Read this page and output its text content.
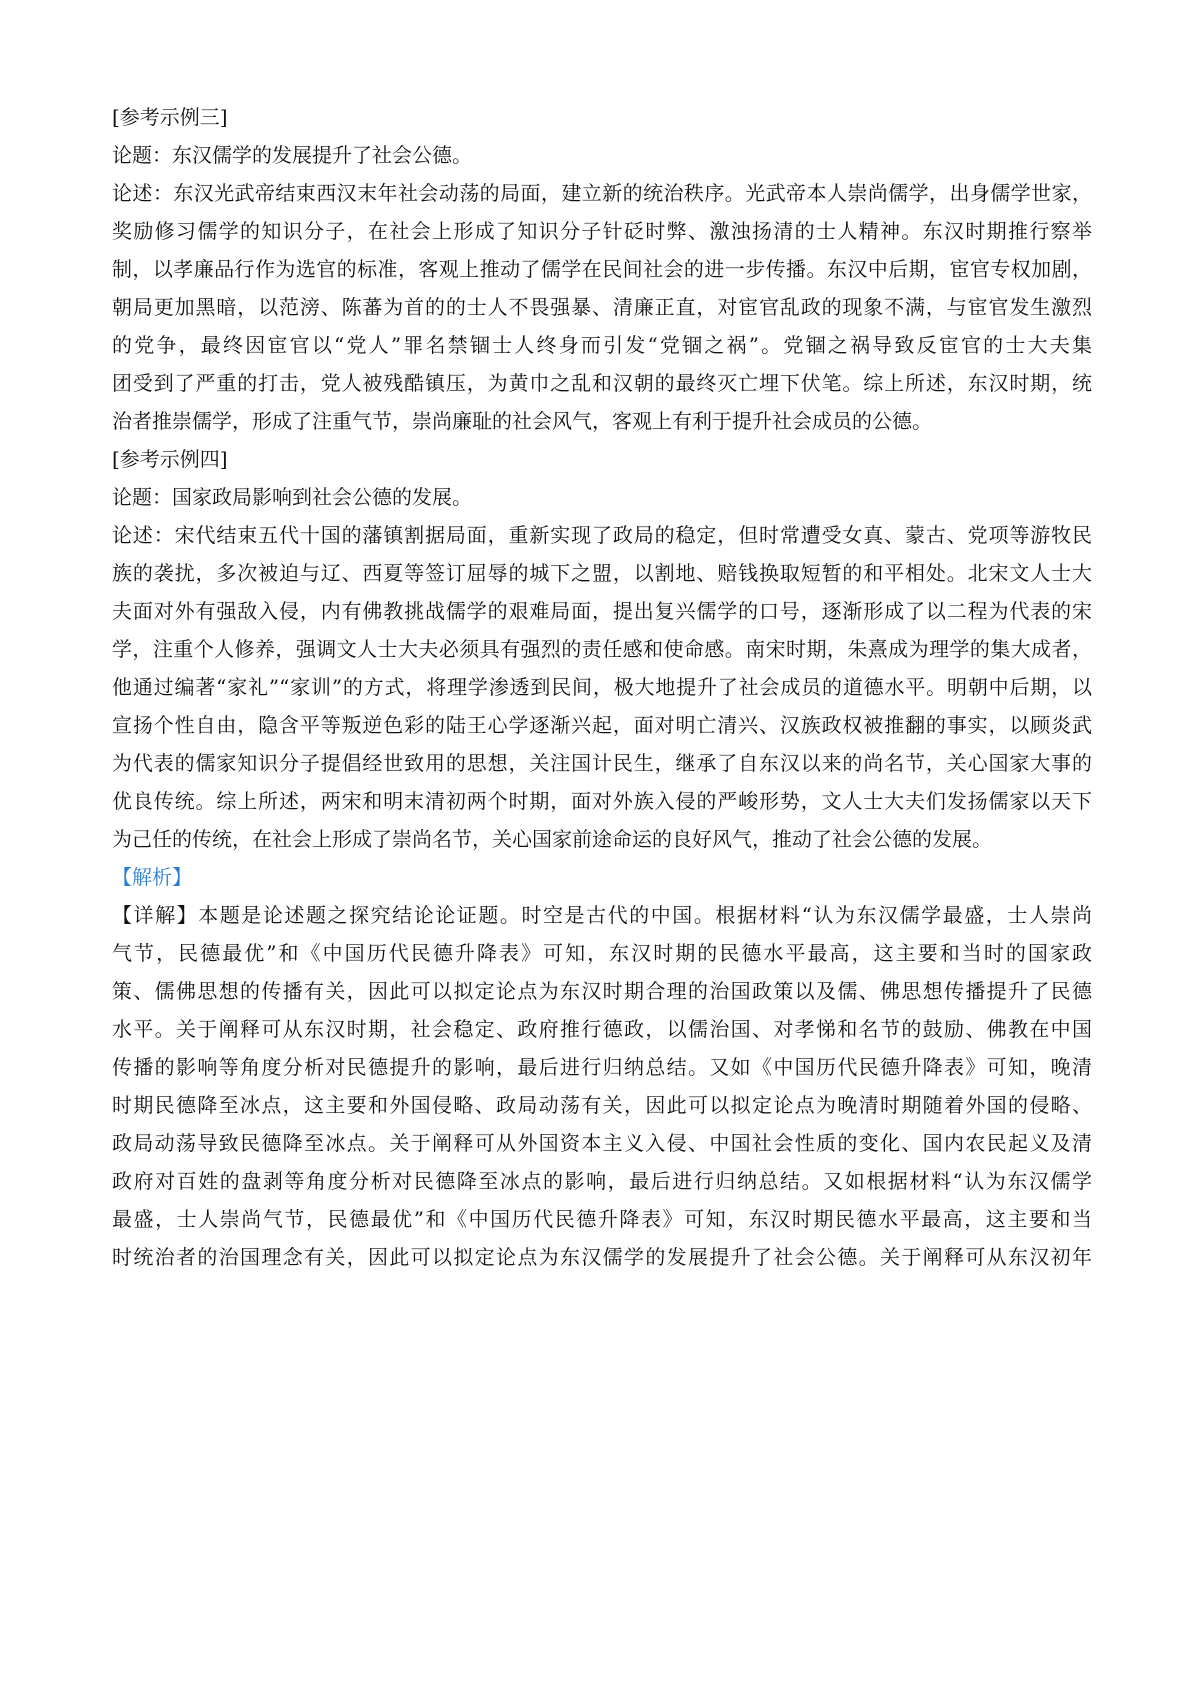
[参考示例三]
论题：东汉儒学的发展提升了社会公德。
论述：东汉光武帝结束西汉末年社会动荡的局面，建立新的统治秩序。光武帝本人崇尚儒学，出身儒学世家，
奖励修习儒学的知识分子，在社会上形成了知识分子针砭时弊、激浊扬清的士人精神。东汉时期推行察举
制，以孝廉品行作为选官的标准，客观上推动了儒学在民间社会的进一步传播。东汉中后期，宦官专权加剧，
朝局更加黑暗，以范滂、陈蕃为首的的士人不畏强暴、清廉正直，对宦官乱政的现象不满，与宦官发生激烈
的党争，最终因宦官以“党人”罪名禁锢士人终身而引发“党锢之祸”。党锢之祸导致反宦官的士大夫集
团受到了严重的打击，党人被残酷镇压，为黄巾之乱和汉朝的最终灭亡埋下伏笔。综上所述，东汉时期，统
治者推崇儒学，形成了注重气节，崇尚廉耻的社会风气，客观上有利于提升社会成员的公德。
[参考示例四]
论题：国家政局影响到社会公德的发展。
论述：宋代结束五代十国的藩镇割据局面，重新实现了政局的稳定，但时常遭受女真、蒙古、党项等游牧民
族的袭扰，多次被迫与辽、西夏等签订屈辱的城下之盟，以割地、赔钱换取短暂的和平相处。北宋文人士大
夫面对外有强敌入侵，内有佛教挑战儒学的艰难局面，提出复兴儒学的口号，逐渐形成了以二程为代表的宋
学，注重个人修养，强调文人士大夫必须具有强烈的责任感和使命感。南宋时期，朱熹成为理学的集大成者，
他通过编著“家礼”“家训”的方式，将理学渗透到民间，极大地提升了社会成员的道德水平。明朝中后期，以
宣扬个性自由，隐含平等叛逆色彩的陆王心学逐渐兴起，面对明亡清兴、汉族政权被推翻的事实，以顾炎武
为代表的儒家知识分子提倡经世致用的思想，关注国计民生，继承了自东汉以来的尚名节，关心国家大事的
优良传统。综上所述，两宋和明末清初两个时期，面对外族入侵的严峻形势，文人士大夫们发扬儒家以天下
为己任的传统，在社会上形成了崇尚名节，关心国家前途命运的良好风气，推动了社会公德的发展。
【解析】
【详解】本题是论述题之探究结论论证题。时空是古代的中国。根据材料“认为东汉儒学最盛，士人崇尚
气节，民德最优”和《中国历代民德升降表》可知，东汉时期的民德水平最高，这主要和当时的国家政
策、儒佛思想的传播有关，因此可以拟定论点为东汉时期合理的治国政策以及儒、佛思想传播提升了民德
水平。关于阐释可从东汉时期，社会稳定、政府推行德政，以儒治国、对孝悌和名节的鼓励、佛教在中国
传播的影响等角度分析对民德提升的影响，最后进行归纳总结。又如《中国历代民德升降表》可知，晚清
时期民德降至冰点，这主要和外国侵略、政局动荡有关，因此可以拟定论点为晚清时期随着外国的侵略、
政局动荡导致民德降至冰点。关于阐释可从外国资本主义入侵、中国社会性质的变化、国内农民起义及清
政府对百姓的盘剥等角度分析对民德降至冰点的影响，最后进行归纳总结。又如根据材料“认为东汉儒学
最盛，士人崇尚气节，民德最优”和《中国历代民德升降表》可知，东汉时期民德水平最高，这主要和当
时统治者的治国理念有关，因此可以拟定论点为东汉儒学的发展提升了社会公德。关于阐释可从东汉初年
